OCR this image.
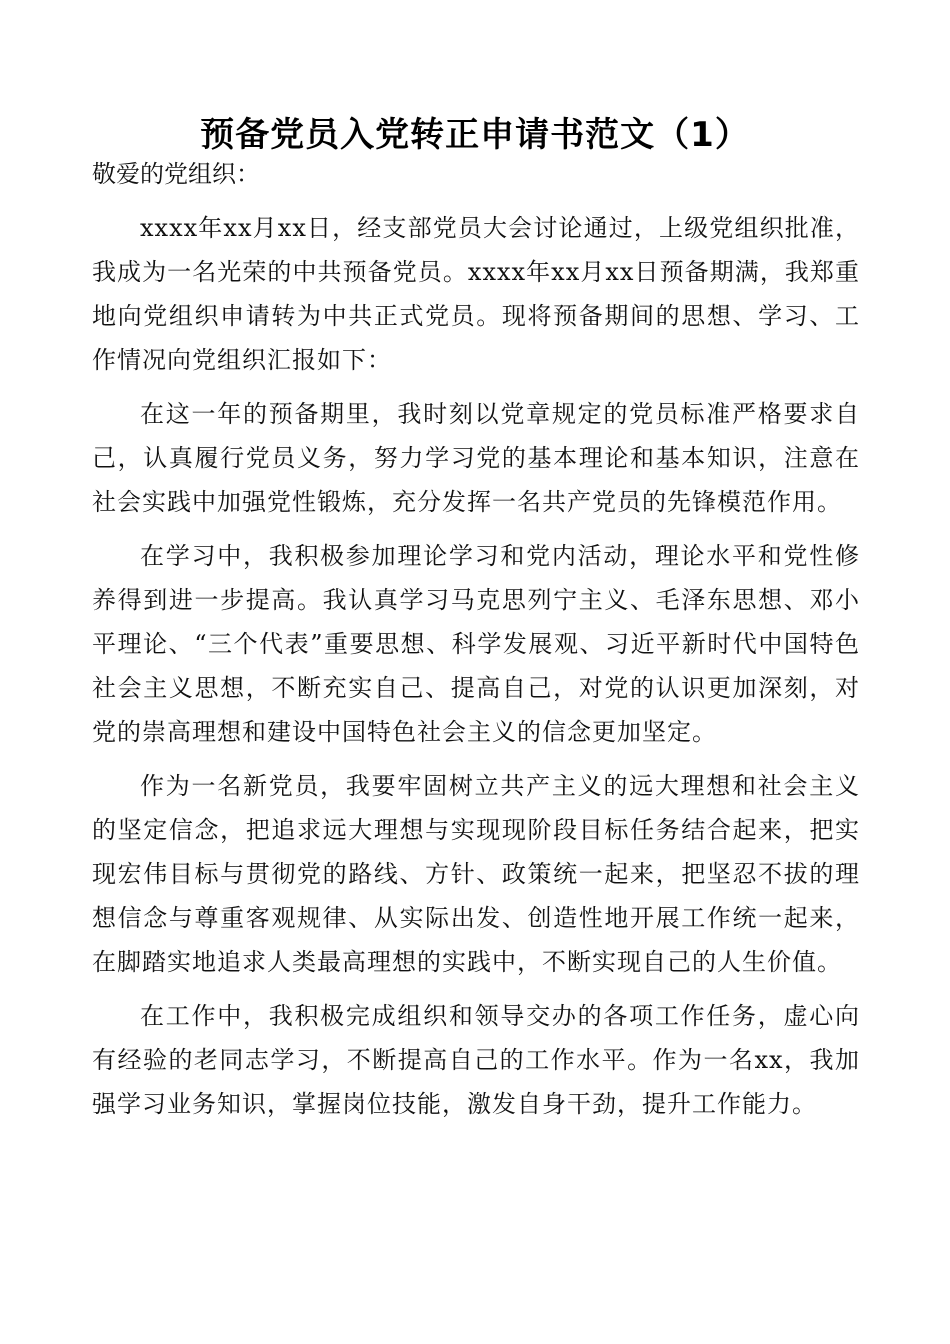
预备党员入党转正申请书范文（1）

敬爱的党组织：

xxxx年xx月xx日，经支部党员大会讨论通过，上级党组织批准，我成为一名光荣的中共预备党员。xxxx年xx月xx日预备期满，我郑重地向党组织申请转为中共正式党员。现将预备期间的思想、学习、工作情况向党组织汇报如下：

在这一年的预备期里，我时刻以党章规定的党员标准严格要求自己，认真履行党员义务，努力学习党的基本理论和基本知识，注意在社会实践中加强党性锻炼，充分发挥一名共产党员的先锋模范作用。

在学习中，我积极参加理论学习和党内活动，理论水平和党性修养得到进一步提高。我认真学习马克思列宁主义、毛泽东思想、邓小平理论、“三个代表”重要思想、科学发展观、习近平新时代中国特色社会主义思想，不断充实自己、提高自己，对党的认识更加深刻，对党的崇高理想和建设中国特色社会主义的信念更加坚定。

作为一名新党员，我要牢固树立共产主义的远大理想和社会主义的坚定信念，把追求远大理想与实现现阶段目标任务结合起来，把实现宏伟目标与贯彻党的路线、方针、政策统一起来，把坚忍不拔的理想信念与尊重客观规律、从实际出发、创造性地开展工作统一起来，在脚踏实地追求人类最高理想的实践中，不断实现自己的人生价值。

在工作中，我积极完成组织和领导交办的各项工作任务，虚心向有经验的老同志学习，不断提高自己的工作水平。作为一名xx，我加强学习业务知识，掌握岗位技能，激发自身干劲，提升工作能力。
